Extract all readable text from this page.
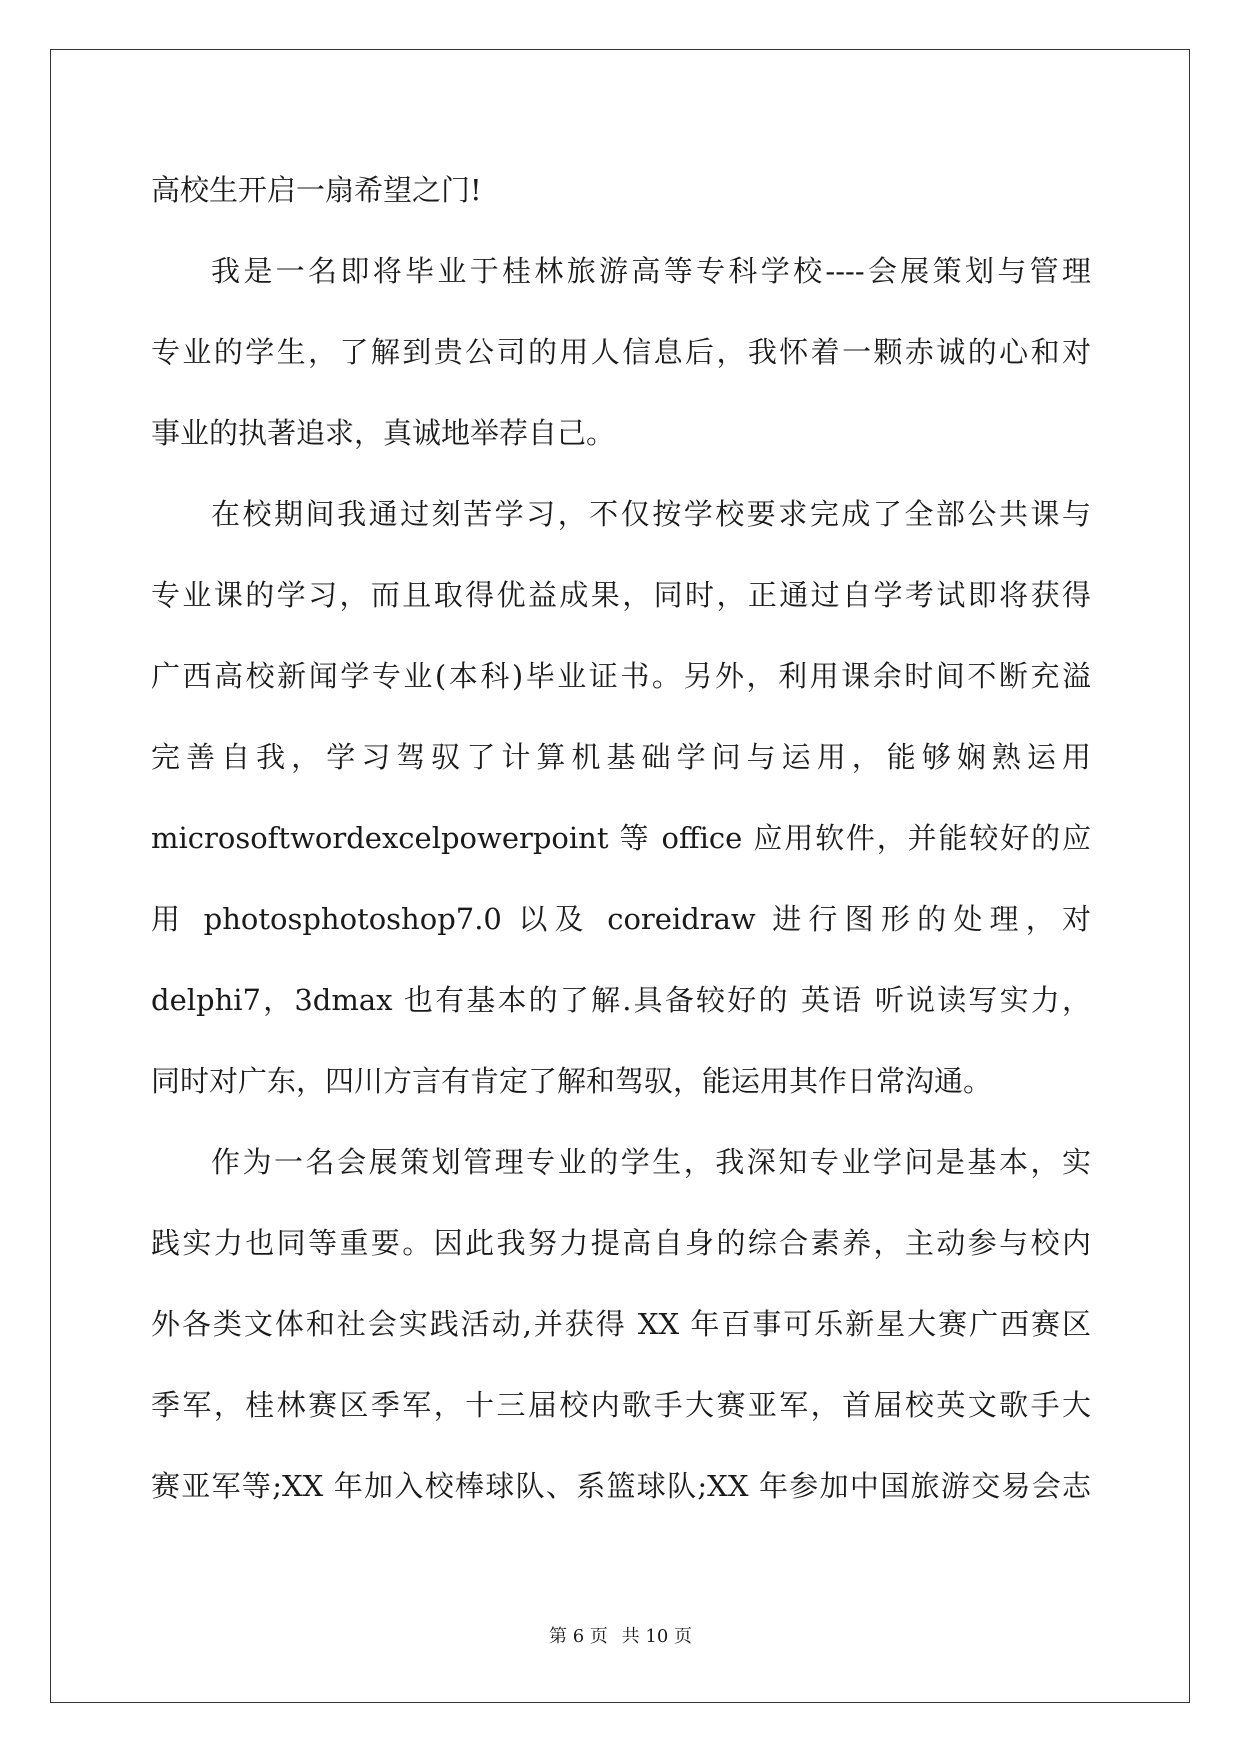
高校生开启一扇希望之门!
我是一名即将毕业于桂林旅游高等专科学校----会展策划与管理
专业的学生，了解到贵公司的用人信息后，我怀着一颗赤诚的心和对
事业的执著追求，真诚地举荐自己。
在校期间我通过刻苦学习，不仅按学校要求完成了全部公共课与
专业课的学习，而且取得优益成果，同时，正通过自学考试即将获得
广西高校新闻学专业(本科)毕业证书。另外，利用课余时间不断充溢
完善自我，学习驾驭了计算机基础学问与运用，能够娴熟运用
microsoftwordexcelpowerpoint 等 office 应用软件，并能较好的应
用 photosphotoshop7.0 以及 coreidraw 进行图形的处理，对
delphi7，3dmax 也有基本的了解.具备较好的 英语 听说读写实力，
同时对广东，四川方言有肯定了解和驾驭，能运用其作日常沟通。
作为一名会展策划管理专业的学生，我深知专业学问是基本，实
践实力也同等重要。因此我努力提高自身的综合素养，主动参与校内
外各类文体和社会实践活动,并获得 XX 年百事可乐新星大赛广西赛区
季军，桂林赛区季军，十三届校内歌手大赛亚军，首届校英文歌手大
赛亚军等;XX 年加入校棒球队、系篮球队;XX 年参加中国旅游交易会志
第 6 页 共 10 页
